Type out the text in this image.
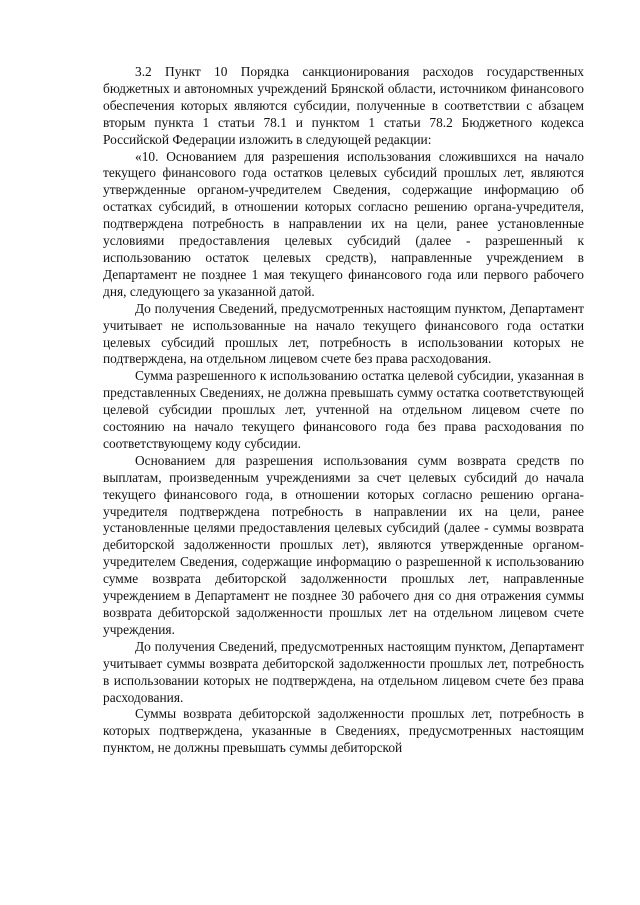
3.2 Пункт 10 Порядка санкционирования расходов государственных бюджетных и автономных учреждений Брянской области, источником финансового обеспечения которых являются субсидии, полученные в соответствии с абзацем вторым пункта 1 статьи 78.1 и пунктом 1 статьи 78.2 Бюджетного кодекса Российской Федерации изложить в следующей редакции:

«10. Основанием для разрешения использования сложившихся на начало текущего финансового года остатков целевых субсидий прошлых лет, являются утвержденные органом-учредителем Сведения, содержащие информацию об остатках субсидий, в отношении которых согласно решению органа-учредителя, подтверждена потребность в направлении их на цели, ранее установленные условиями предоставления целевых субсидий (далее - разрешенный к использованию остаток целевых средств), направленные учреждением в Департамент не позднее 1 мая текущего финансового года или первого рабочего дня, следующего за указанной датой.

До получения Сведений, предусмотренных настоящим пунктом, Департамент учитывает не использованные на начало текущего финансового года остатки целевых субсидий прошлых лет, потребность в использовании которых не подтверждена, на отдельном лицевом счете без права расходования.

Сумма разрешенного к использованию остатка целевой субсидии, указанная в представленных Сведениях, не должна превышать сумму остатка соответствующей целевой субсидии прошлых лет, учтенной на отдельном лицевом счете по состоянию на начало текущего финансового года без права расходования по соответствующему коду субсидии.

Основанием для разрешения использования сумм возврата средств по выплатам, произведенным учреждениями за счет целевых субсидий до начала текущего финансового года, в отношении которых согласно решению органа-учредителя подтверждена потребность в направлении их на цели, ранее установленные целями предоставления целевых субсидий (далее - суммы возврата дебиторской задолженности прошлых лет), являются утвержденные органом-учредителем Сведения, содержащие информацию о разрешенной к использованию сумме возврата дебиторской задолженности прошлых лет, направленные учреждением в Департамент не позднее 30 рабочего дня со дня отражения суммы возврата дебиторской задолженности прошлых лет на отдельном лицевом счете учреждения.

До получения Сведений, предусмотренных настоящим пунктом, Департамент учитывает суммы возврата дебиторской задолженности прошлых лет, потребность в использовании которых не подтверждена, на отдельном лицевом счете без права расходования.

Суммы возврата дебиторской задолженности прошлых лет, потребность в которых подтверждена, указанные в Сведениях, предусмотренных настоящим пунктом, не должны превышать суммы дебиторской
